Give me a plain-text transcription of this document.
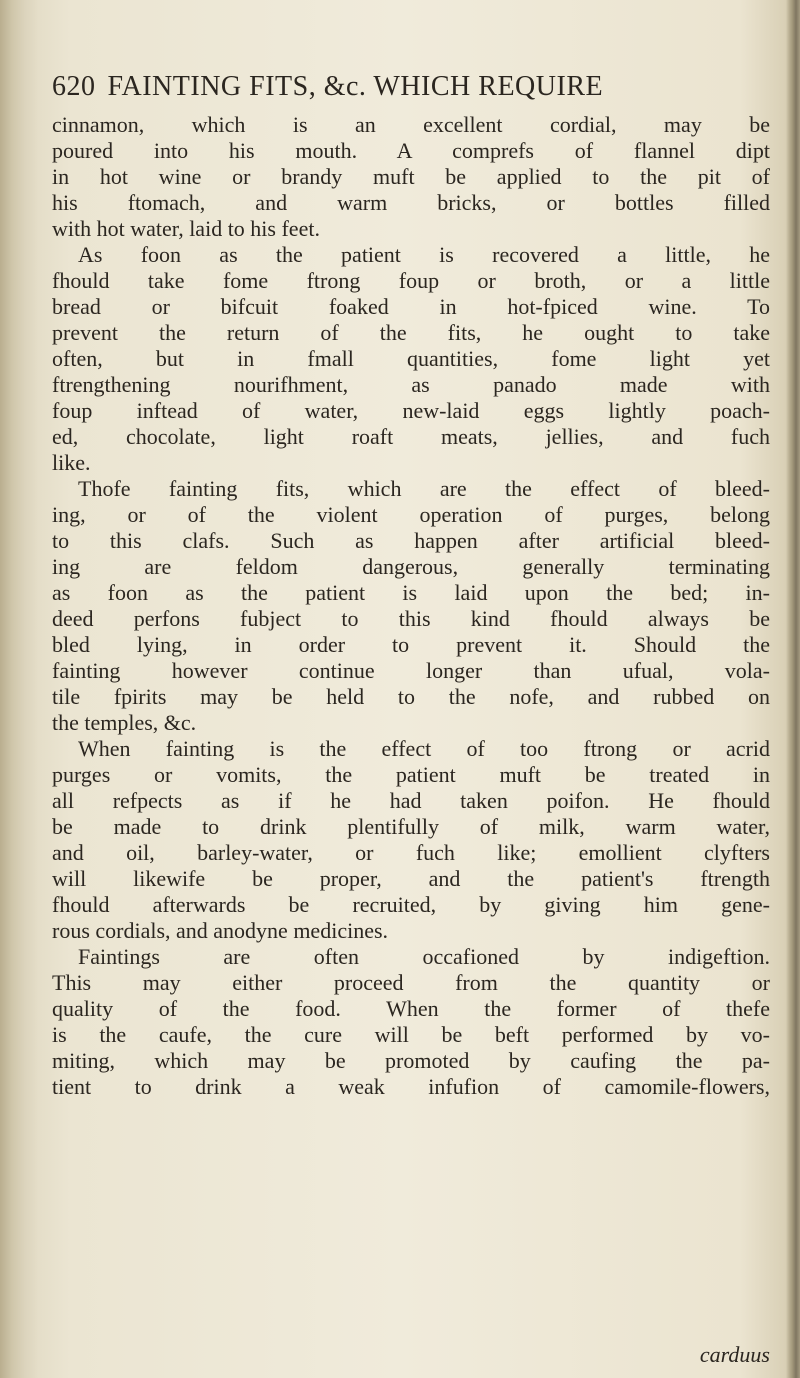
620 FAINTING FITS, &c. WHICH REQUIRE
cinnamon, which is an excellent cordial, may be
poured into his mouth. A comprefs of flannel dipt
in hot wine or brandy muft be applied to the pit of
his ftomach, and warm bricks, or bottles filled
with hot water, laid to his feet.
As foon as the patient is recovered a little, he
fhould take fome ftrong foup or broth, or a little
bread or bifcuit foaked in hot-fpiced wine. To
prevent the return of the fits, he ought to take
often, but in fmall quantities, fome light yet
ftrengthening nourifhment, as panado made with
foup inftead of water, new-laid eggs lightly poach-
ed, chocolate, light roaft meats, jellies, and fuch
like.
Thofe fainting fits, which are the effect of bleed-
ing, or of the violent operation of purges, belong
to this clafs. Such as happen after artificial bleed-
ing are feldom dangerous, generally terminating
as foon as the patient is laid upon the bed; in-
deed perfons fubject to this kind fhould always be
bled lying, in order to prevent it. Should the
fainting however continue longer than ufual, vola-
tile fpirits may be held to the nofe, and rubbed on
the temples, &c.
When fainting is the effect of too ftrong or acrid
purges or vomits, the patient muft be treated in
all refpects as if he had taken poifon. He fhould
be made to drink plentifully of milk, warm water,
and oil, barley-water, or fuch like; emollient clyfters
will likewife be proper, and the patient's ftrength
fhould afterwards be recruited, by giving him gene-
rous cordials, and anodyne medicines.
Faintings are often occafioned by indigeftion.
This may either proceed from the quantity or
quality of the food. When the former of thefe
is the caufe, the cure will be beft performed by vo-
miting, which may be promoted by caufing the pa-
tient to drink a weak infufion of camomile-flowers,
carduus
